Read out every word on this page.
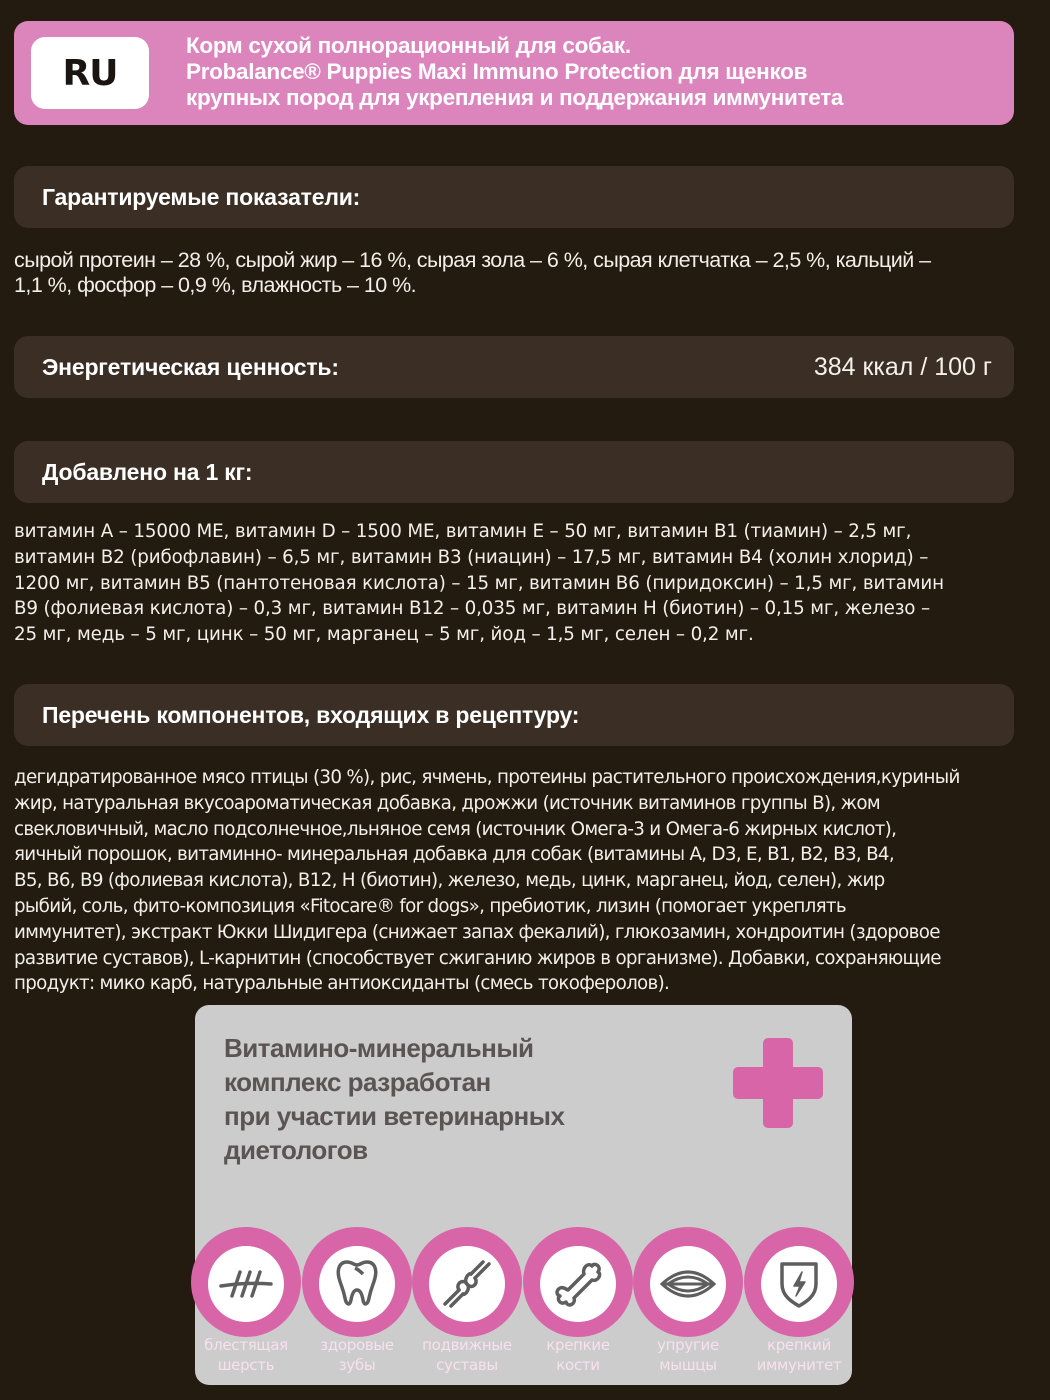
RU
Корм сухой полнорационный для собак.
Probalance® Puppies Maxi Immuno Protection для щенков
крупных пород для укрепления и поддержания иммунитета
Гарантируемые показатели:
сырой протеин – 28 %, сырой жир – 16 %, сырая зола – 6 %, сырая клетчатка – 2,5 %, кальций –
1,1 %, фосфор – 0,9 %, влажность – 10 %.
Энергетическая ценность:	384 ккал / 100 г
Добавлено на 1 кг:
витамин А – 15000 МЕ, витамин D – 1500 МЕ, витамин Е – 50 мг, витамин В1 (тиамин) – 2,5 мг,
витамин В2 (рибофлавин) – 6,5 мг, витамин В3 (ниацин) – 17,5 мг, витамин В4 (холин хлорид) –
1200 мг, витамин В5 (пантотеновая кислота) – 15 мг, витамин В6 (пиридоксин) – 1,5 мг, витамин
В9 (фолиевая кислота) – 0,3 мг, витамин В12 – 0,035 мг, витамин Н (биотин) – 0,15 мг, железо –
25 мг, медь – 5 мг, цинк – 50 мг, марганец – 5 мг, йод – 1,5 мг, селен – 0,2 мг.
Перечень компонентов, входящих в рецептуру:
дегидратированное мясо птицы (30 %), рис, ячмень, протеины растительного происхождения,куриный
жир, натуральная вкусоароматическая добавка, дрожжи (источник витаминов группы В), жом
свекловичный, масло подсолнечное,льняное семя (источник Омега-3 и Омега-6 жирных кислот),
яичный порошок, витаминно- минеральная добавка для собак (витамины А, D3, Е, В1, В2, В3, В4,
В5, В6, В9 (фолиевая кислота), В12, Н (биотин), железо, медь, цинк, марганец, йод, селен), жир
рыбий, соль, фито-композиция «Fitocare® for dogs», пребиотик, лизин (помогает укреплять
иммунитет), экстракт Юкки Шидигера (снижает запах фекалий), глюкозамин, хондроитин (здоровое
развитие суставов), L-карнитин (способствует сжиганию жиров в организме). Добавки, сохраняющие
продукт: мико карб, натуральные антиоксиданты (смесь токоферолов).
Витамино-минеральный
комплекс разработан
при участии ветеринарных
диетологов
блестящая
шерсть
здоровые
зубы
подвижные
суставы
крепкие
кости
упругие
мышцы
крепкий
иммунитет
